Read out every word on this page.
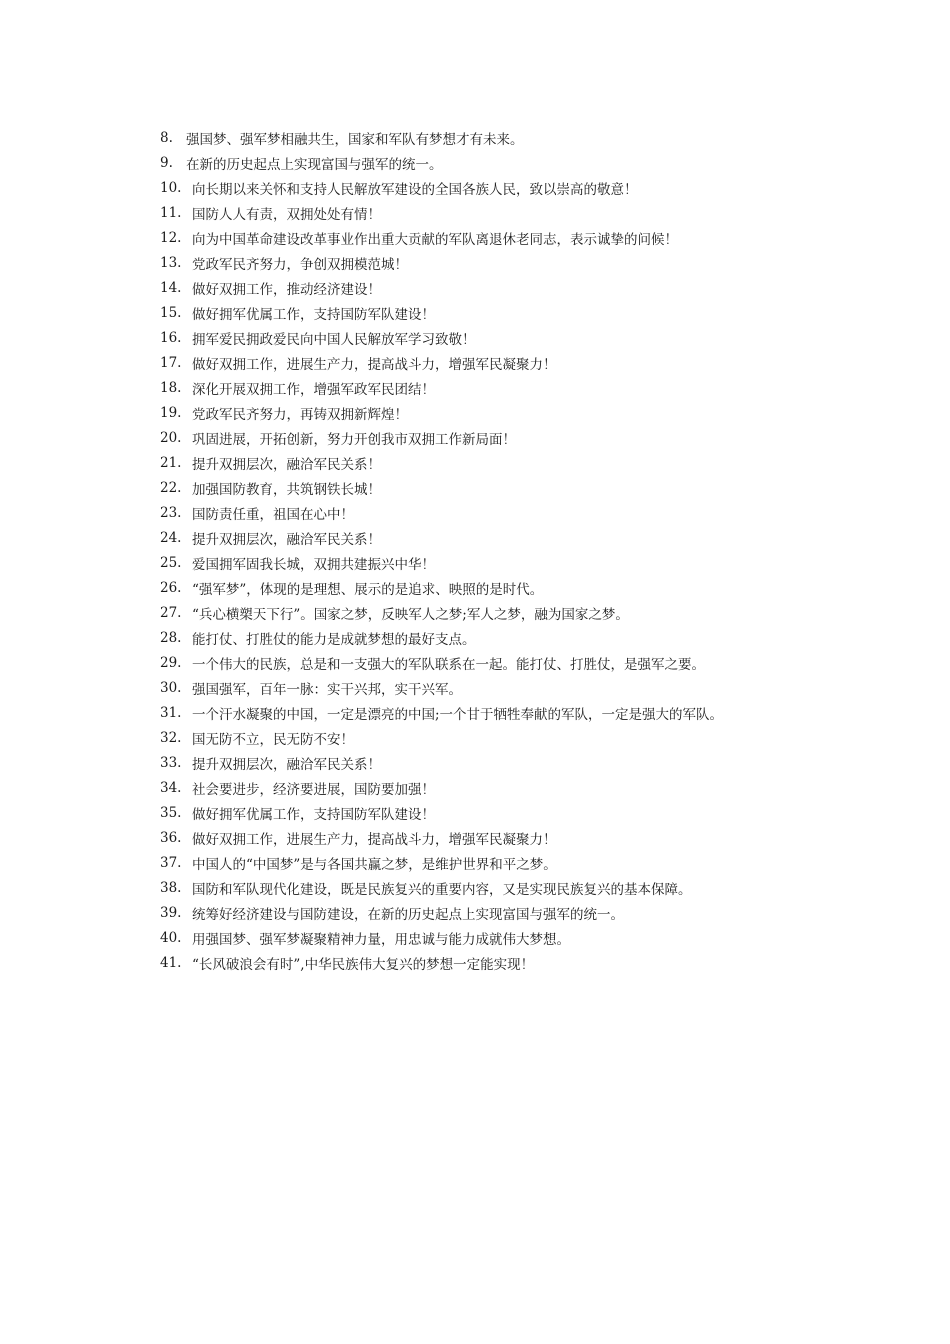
8. 强国梦、强军梦相融共生，国家和军队有梦想才有未来。
9. 在新的历史起点上实现富国与强军的统一。
10. 向长期以来关怀和支持人民解放军建设的全国各族人民，致以崇高的敬意！
11. 国防人人有责，双拥处处有情！
12. 向为中国革命建设改革事业作出重大贡献的军队离退休老同志，表示诚挚的问候！
13. 党政军民齐努力，争创双拥模范城！
14. 做好双拥工作，推动经济建设！
15. 做好拥军优属工作，支持国防军队建设！
16. 拥军爱民拥政爱民向中国人民解放军学习致敬！
17. 做好双拥工作，进展生产力，提高战斗力，增强军民凝聚力！
18. 深化开展双拥工作，增强军政军民团结！
19. 党政军民齐努力，再铸双拥新辉煌！
20. 巩固进展，开拓创新，努力开创我市双拥工作新局面！
21. 提升双拥层次，融洽军民关系！
22. 加强国防教育，共筑钢铁长城！
23. 国防责任重，祖国在心中！
24. 提升双拥层次，融洽军民关系！
25. 爱国拥军固我长城，双拥共建振兴中华！
26. “强军梦”，体现的是理想、展示的是追求、映照的是时代。
27. “兵心横槊天下行”。国家之梦，反映军人之梦;军人之梦，融为国家之梦。
28. 能打仗、打胜仗的能力是成就梦想的最好支点。
29. 一个伟大的民族，总是和一支强大的军队联系在一起。能打仗、打胜仗，是强军之要。
30. 强国强军，百年一脉：实干兴邦，实干兴军。
31. 一个汗水凝聚的中国，一定是漂亮的中国;一个甘于牺牲奉献的军队，一定是强大的军队。
32. 国无防不立，民无防不安！
33. 提升双拥层次，融洽军民关系！
34. 社会要进步，经济要进展，国防要加强！
35. 做好拥军优属工作，支持国防军队建设！
36. 做好双拥工作，进展生产力，提高战斗力，增强军民凝聚力！
37. 中国人的“中国梦”是与各国共赢之梦，是维护世界和平之梦。
38. 国防和军队现代化建设，既是民族复兴的重要内容，又是实现民族复兴的基本保障。
39. 统筹好经济建设与国防建设，在新的历史起点上实现富国与强军的统一。
40. 用强国梦、强军梦凝聚精神力量，用忠诚与能力成就伟大梦想。
41. “长风破浪会有时”,中华民族伟大复兴的梦想一定能实现！
